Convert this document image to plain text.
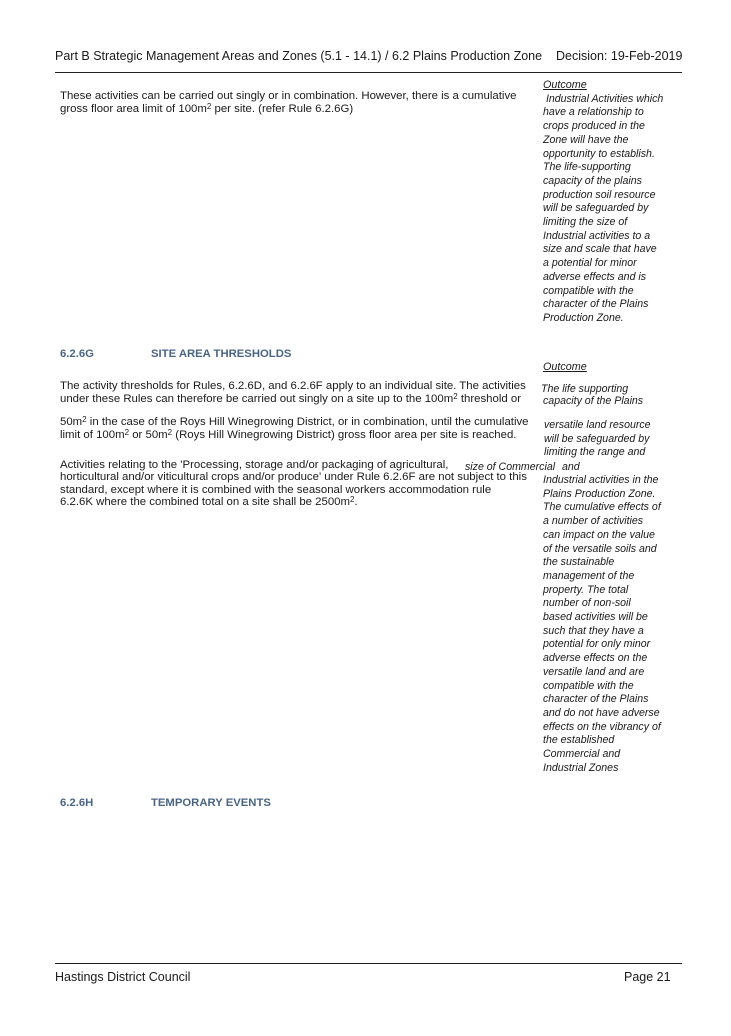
Part B Strategic Management Areas and Zones (5.1 - 14.1) / 6.2 Plains Production Zone Decision: 19-Feb-2019
These activities can be carried out singly or in combination. However, there is a cumulative
gross floor area limit of $100m^2$ per site. (refer Rule 6.2.6G)
Outcome
Industrial Activities which
have a relationship to
crops produced in the
Zone will have the
opportunity to establish.
The life-supporting
capacity of the plains
production soil resource
will be safeguarded by
limiting the size of
Industrial activities to a
size and scale that have
a potential for minor
adverse effects and is
compatible with the
character of the Plains
Production Zone.
6.2.6G	SITE AREA THRESHOLDS
The activity thresholds for Rules, 6.2.6D, and 6.2.6F apply to an individual site. The activities
under these Rules can therefore be carried out singly on a site up to the $100m^2$ threshold or
$50m^2$ in the case of the Roys Hill Winegrowing District, or in combination, until the cumulative
limit of $100m^2$ or $50m^2$ (Roys Hill Winegrowing District) gross floor area per site is reached.
Activities relating to the 'Processing, storage and/or packaging of agricultural,
horticultural and/or viticultural crops and/or produce' under Rule 6.2.6F are not subject to this
standard, except where it is combined with the seasonal workers accommodation rule
6.2.6K where the combined total on a site shall be $2500m^2$.
Outcome
The life supporting
capacity of the Plains
versatile land resource
will be safeguarded by
limiting the range and
size of Commercial and
Industrial activities in the
Plains Production Zone.
The cumulative effects of
a number of activities
can impact on the value
of the versatile soils and
the sustainable
management of the
property. The total
number of non-soil
based activities will be
such that they have a
potential for only minor
adverse effects on the
versatile land and are
compatible with the
character of the Plains
and do not have adverse
effects on the vibrancy of
the established
Commercial and
Industrial Zones
6.2.6H	TEMPORARY EVENTS
Hastings District Council	Page 21
